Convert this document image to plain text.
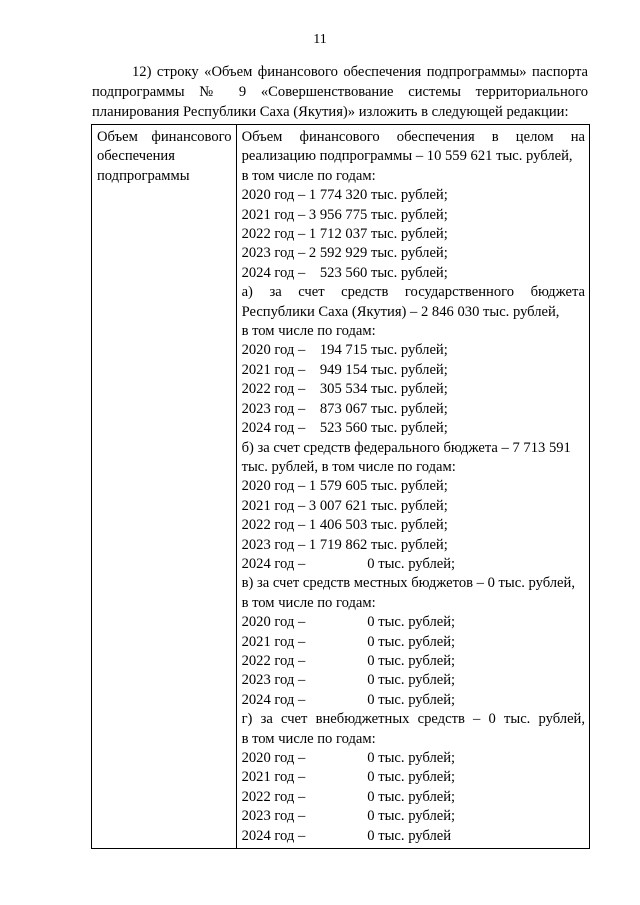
11

12) строку «Объем финансового обеспечения подпрограммы» паспорта
подпрограммы № 9 «Совершенствование системы территориального
планирования Республики Саха (Якутия)» изложить в следующей редакции:

Объем финансового
обеспечения
подпрограммы

Объем финансового обеспечения в целом на
реализацию подпрограммы – 10 559 621 тыс. рублей,
в том числе по годам:
2020 год – 1 774 320 тыс. рублей;
2021 год – 3 956 775 тыс. рублей;
2022 год – 1 712 037 тыс. рублей;
2023 год – 2 592 929 тыс. рублей;
2024 год –    523 560 тыс. рублей;
а) за счет средств государственного бюджета
Республики Саха (Якутия) – 2 846 030 тыс. рублей,
в том числе по годам:
2020 год –    194 715 тыс. рублей;
2021 год –    949 154 тыс. рублей;
2022 год –    305 534 тыс. рублей;
2023 год –    873 067 тыс. рублей;
2024 год –    523 560 тыс. рублей;
б) за счет средств федерального бюджета – 7 713 591
тыс. рублей, в том числе по годам:
2020 год – 1 579 605 тыс. рублей;
2021 год – 3 007 621 тыс. рублей;
2022 год – 1 406 503 тыс. рублей;
2023 год – 1 719 862 тыс. рублей;
2024 год –                 0 тыс. рублей;
в) за счет средств местных бюджетов – 0 тыс. рублей,
в том числе по годам:
2020 год –                 0 тыс. рублей;
2021 год –                 0 тыс. рублей;
2022 год –                 0 тыс. рублей;
2023 год –                 0 тыс. рублей;
2024 год –                 0 тыс. рублей;
г) за счет внебюджетных средств – 0 тыс. рублей,
в том числе по годам:
2020 год –                 0 тыс. рублей;
2021 год –                 0 тыс. рублей;
2022 год –                 0 тыс. рублей;
2023 год –                 0 тыс. рублей;
2024 год –                 0 тыс. рублей
